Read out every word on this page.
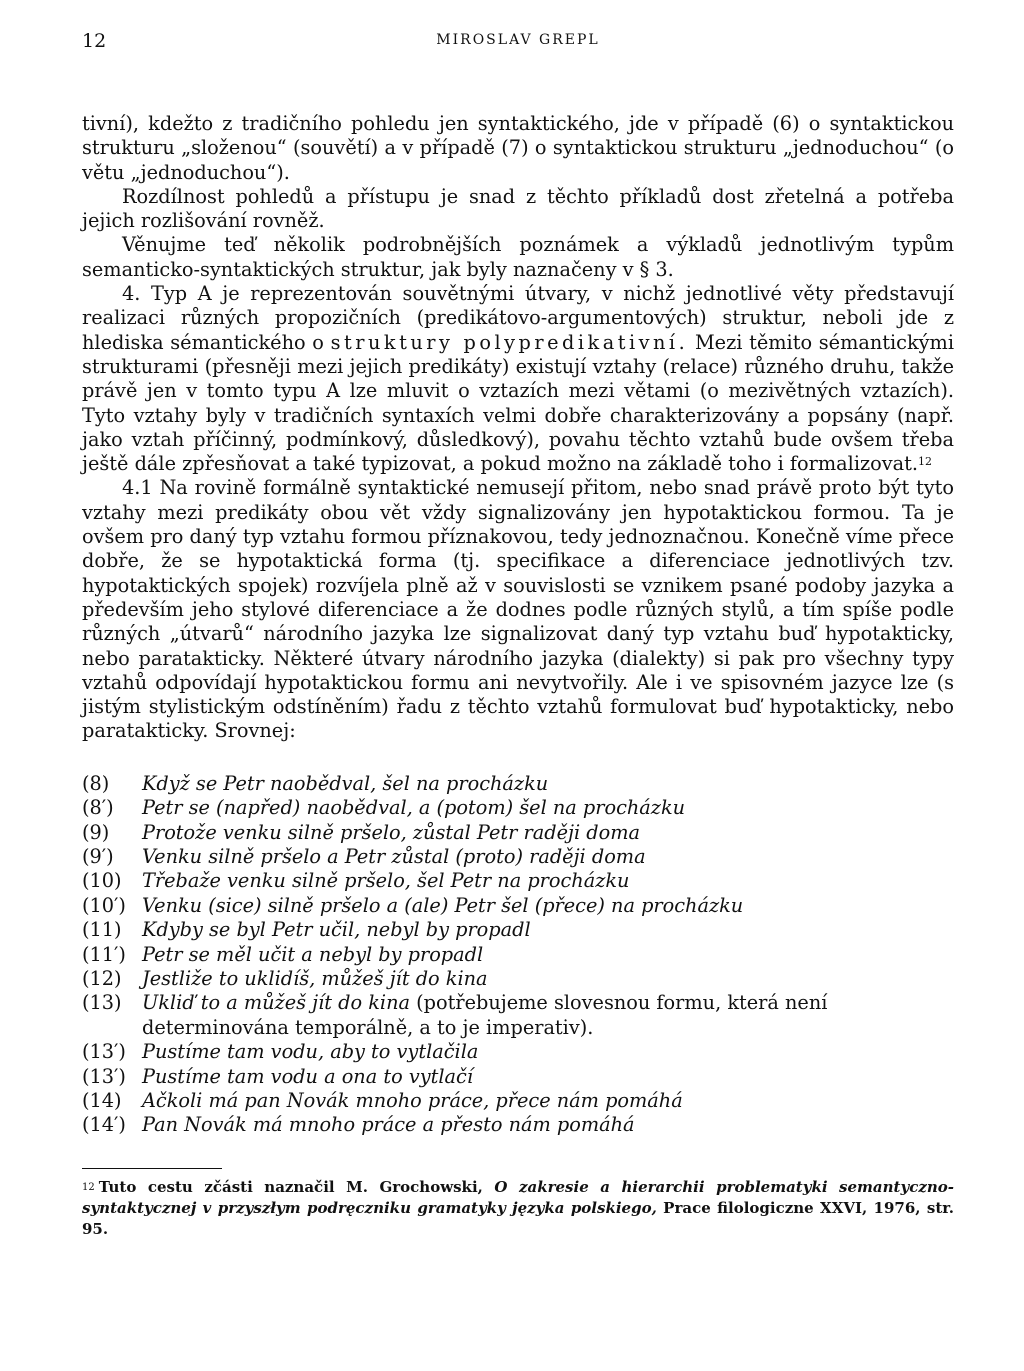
12	MIROSLAV GREPL

tivní), kdežto z tradičního pohledu jen syntaktického, jde v případě (6) o syntaktickou strukturu „složenou“ (souvětí) a v případě (7) o syntaktickou strukturu „jednoduchou“ (o větu „jednoduchou“).

Rozdílnost pohledů a přístupu je snad z těchto příkladů dost zřetelná a potřeba jejich rozlišování rovněž.

Věnujme teď několik podrobnějších poznámek a výkladů jednotlivým typům semanticko-syntaktických struktur, jak byly naznačeny v § 3.

4. Typ A je reprezentován souvětnými útvary, v nichž jednotlivé věty představují realizaci různých propozičních (predikátovo-argumentových) struktur, neboli jde z hlediska sémantického o struktury polypredikativní. Mezi těmito sémantickými strukturami (přesněji mezi jejich predikáty) existují vztahy (relace) různého druhu, takže právě jen v tomto typu A lze mluvit o vztazích mezi větami (o mezivětných vztazích). Tyto vztahy byly v tradičních syntaxích velmi dobře charakterizovány a popsány (např. jako vztah příčinný, podmínkový, důsledkový), povahu těchto vztahů bude ovšem třeba ještě dále zpřesňovat a také typizovat, a pokud možno na základě toho i formalizovat.$^{12}$

4.1 Na rovině formálně syntaktické nemusejí přitom, nebo snad právě proto být tyto vztahy mezi predikáty obou vět vždy signalizovány jen hypotaktickou formou. Ta je ovšem pro daný typ vztahu formou příznakovou, tedy jednoznačnou. Konečně víme přece dobře, že se hypotaktická forma (tj. specifikace a diferenciace jednotlivých tzv. hypotaktických spojek) rozvíjela plně až v souvislosti se vznikem psané podoby jazyka a především jeho stylové diferenciace a že dodnes podle různých stylů, a tím spíše podle různých „útvarů“ národního jazyka lze signalizovat daný typ vztahu buď hypotakticky, nebo paratakticky. Některé útvary národního jazyka (dialekty) si pak pro všechny typy vztahů odpovídají hypotaktickou formu ani nevytvořily. Ale i ve spisovném jazyce lze (s jistým stylistickým odstíněním) řadu z těchto vztahů formulovat buď hypotakticky, nebo paratakticky. Srovnej:

(8)	Když se Petr naobědval, šel na procházku
(8′)	Petr se (napřed) naobědval, a (potom) šel na procházku
(9)	Protože venku silně pršelo, zůstal Petr raději doma
(9′)	Venku silně pršelo a Petr zůstal (proto) raději doma
(10)	Třebaže venku silně pršelo, šel Petr na procházku
(10′) Venku (sice) silně pršelo a (ale) Petr šel (přece) na procházku
(11)	Kdyby se byl Petr učil, nebyl by propadl
(11′) Petr se měl učit a nebyl by propadl
(12)	Jestliže to uklidíš, můžeš jít do kina
(13)	Ukliď to a můžeš jít do kina (potřebujeme slovesnou formu, která není determinována temporálně, a to je imperativ).
(13′) Pustíme tam vodu, aby to vytlačila
(13′) Pustíme tam vodu a ona to vytlačí
(14)	Ačkoli má pan Novák mnoho práce, přece nám pomáhá
(14′) Pan Novák má mnoho práce a přesto nám pomáhá
$^{12}$ Tuto cestu zčásti naznačil M. Grochowski, O zakresie a hierarchii problematyki semantyczno-syntaktycznej v przyszłym podręczniku gramatyky języka polskiego, Prace filologiczne XXVI, 1976, str. 95.
